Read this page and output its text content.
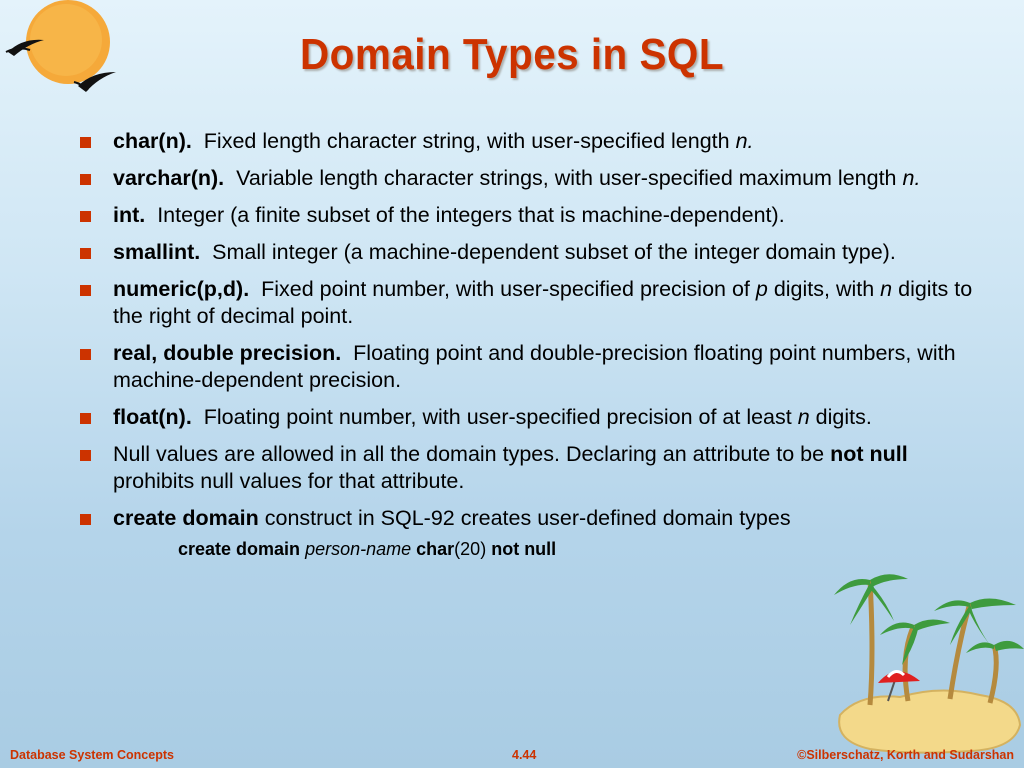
Domain Types in SQL
char(n). Fixed length character string, with user-specified length n.
varchar(n). Variable length character strings, with user-specified maximum length n.
int. Integer (a finite subset of the integers that is machine-dependent).
smallint. Small integer (a machine-dependent subset of the integer domain type).
numeric(p,d). Fixed point number, with user-specified precision of p digits, with n digits to the right of decimal point.
real, double precision. Floating point and double-precision floating point numbers, with machine-dependent precision.
float(n). Floating point number, with user-specified precision of at least n digits.
Null values are allowed in all the domain types. Declaring an attribute to be not null prohibits null values for that attribute.
create domain construct in SQL-92 creates user-defined domain types
create domain person-name char(20) not null
Database System Concepts	4.44	©Silberschatz, Korth and Sudarshan
